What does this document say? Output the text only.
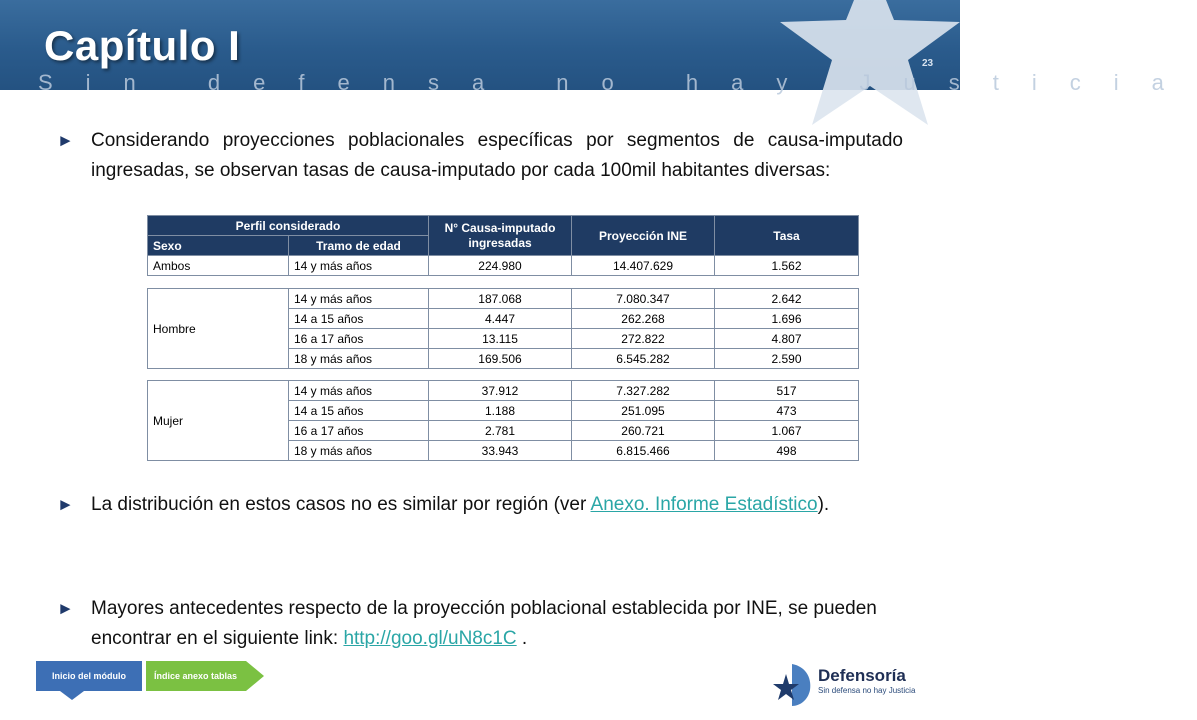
Capítulo I
Sin defensa no hay Justicia
23
► Considerando proyecciones poblacionales específicas por segmentos de causa-imputado ingresadas, se observan tasas de causa-imputado por cada 100mil habitantes diversas:
Perfil considerado		N° Causa-imputado ingresadas	Proyección INE	Tasa
Sexo	Tramo de edad			
Ambos	14 y más años	224.980	14.407.629	1.562
Hombre	14 y más años	187.068	7.080.347	2.642
	14 a 15 años	4.447	262.268	1.696
	16 a 17 años	13.115	272.822	4.807
	18 y más años	169.506	6.545.282	2.590
Mujer	14 y más años	37.912	7.327.282	517
	14 a 15 años	1.188	251.095	473
	16 a 17 años	2.781	260.721	1.067
	18 y más años	33.943	6.815.466	498
► La distribución en estos casos no es similar por región (ver Anexo. Informe Estadístico).
► Mayores antecedentes respecto de la proyección poblacional establecida por INE, se pueden encontrar en el siguiente link: http://goo.gl/uN8c1C .
Inicio del módulo	Índice anexo tablas	Defensoría
Sin defensa no hay Justicia
